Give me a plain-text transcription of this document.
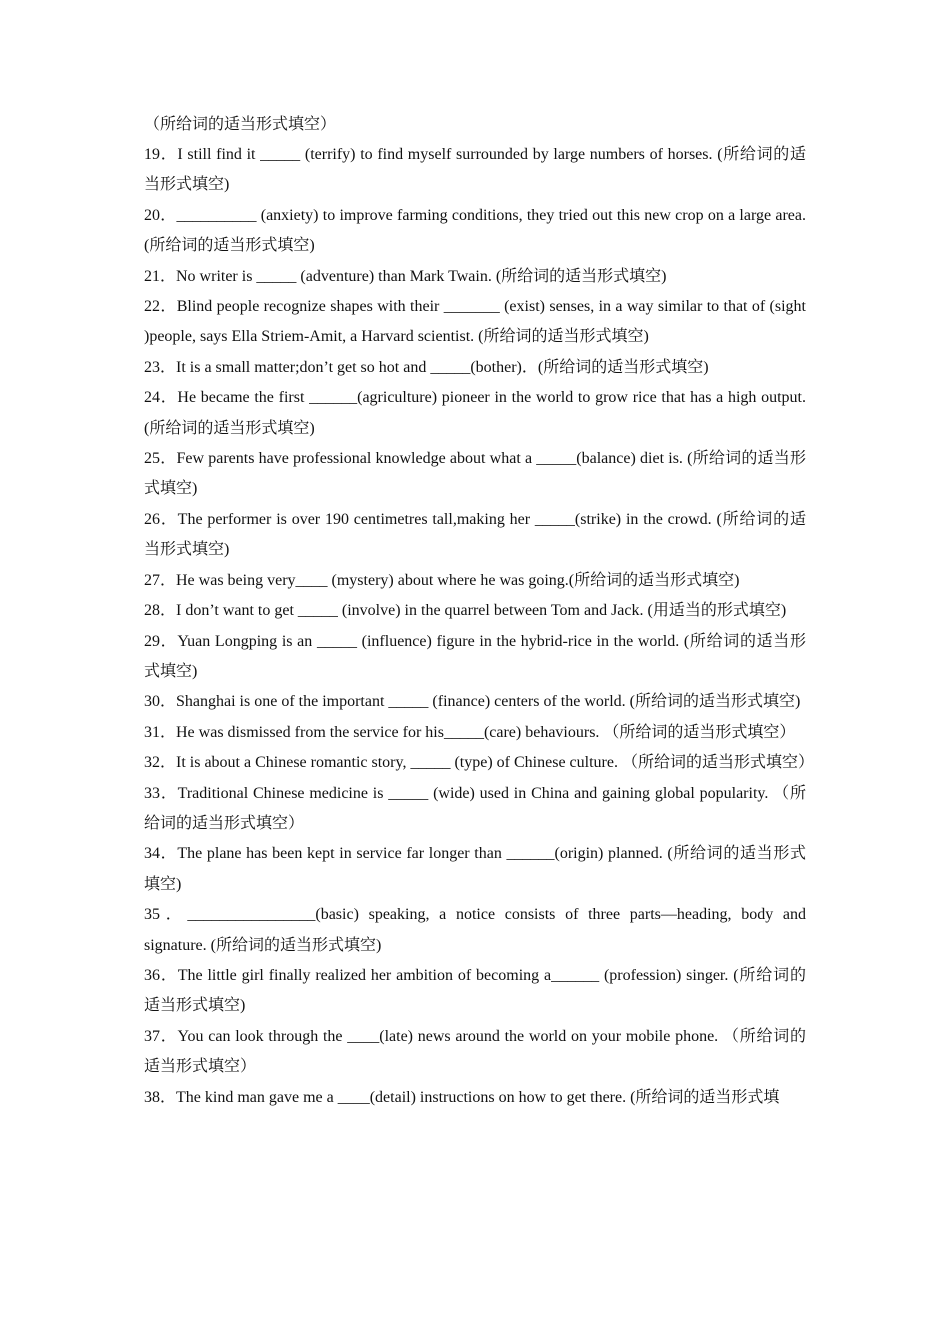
（所给词的适当形式填空）
19．I still find it _____ (terrify) to find myself surrounded by large numbers of horses. (所给词的适当形式填空)
20．__________ (anxiety) to improve farming conditions, they tried out this new crop on a large area. (所给词的适当形式填空)
21．No writer is _____ (adventure) than Mark Twain. (所给词的适当形式填空)
22．Blind people recognize shapes with their _______ (exist) senses, in a way similar to that of (sight )people, says Ella Striem-Amit, a Harvard scientist. (所给词的适当形式填空)
23．It is a small matter;don’t get so hot and _____(bother)．(所给词的适当形式填空)
24．He became the first ______(agriculture) pioneer in the world to grow rice that has a high output. (所给词的适当形式填空)
25．Few parents have professional knowledge about what a _____(balance) diet is. (所给词的适当形式填空)
26．The performer is over 190 centimetres tall,making her _____(strike) in the crowd. (所给词的适当形式填空)
27．He was being very____ (mystery) about where he was going.(所给词的适当形式填空)
28．I don’t want to get _____ (involve) in the quarrel between Tom and Jack. (用适当的形式填空)
29．Yuan Longping is an _____ (influence) figure in the hybrid-rice in the world. (所给词的适当形式填空)
30．Shanghai is one of the important _____ (finance) centers of the world. (所给词的适当形式填空)
31．He was dismissed from the service for his_____(care) behaviours. （所给词的适当形式填空）
32．It is about a Chinese romantic story, _____ (type) of Chinese culture. （所给词的适当形式填空）
33．Traditional Chinese medicine is _____ (wide) used in China and gaining global popularity. （所给词的适当形式填空）
34．The plane has been kept in service far longer than ______(origin) planned. (所给词的适当形式填空)
35．________________(basic) speaking, a notice consists of three parts—heading, body and signature. (所给词的适当形式填空)
36．The little girl finally realized her ambition of becoming a______ (profession) singer. (所给词的适当形式填空)
37．You can look through the ____(late) news around the world on your mobile phone. （所给词的适当形式填空）
38．The kind man gave me a ____(detail) instructions on how to get there. (所给词的适当形式填
